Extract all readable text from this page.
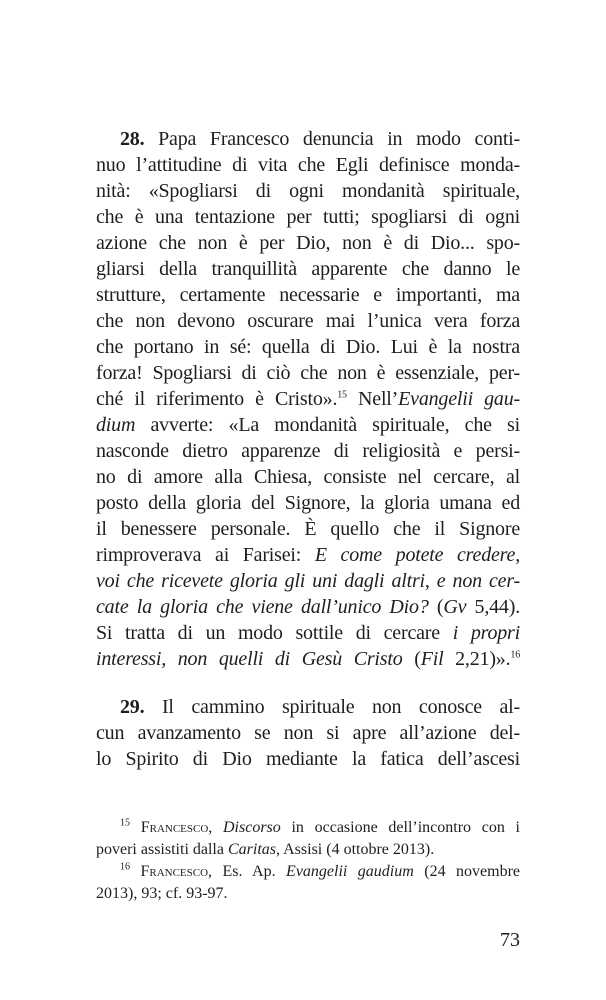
28. Papa Francesco denuncia in modo conti-
nuo l’attitudine di vita che Egli definisce monda-
nità: «Spogliarsi di ogni mondanità spirituale,
che è una tentazione per tutti; spogliarsi di ogni
azione che non è per Dio, non è di Dio... spo-
gliarsi della tranquillità apparente che danno le
strutture, certamente necessarie e importanti, ma
che non devono oscurare mai l’unica vera forza
che portano in sé: quella di Dio. Lui è la nostra
forza! Spogliarsi di ciò che non è essenziale, per-
ché il riferimento è Cristo».$^{15}$ Nell’Evangelii gau-
dium avverte: «La mondanità spirituale, che si
nasconde dietro apparenze di religiosità e persi-
no di amore alla Chiesa, consiste nel cercare, al
posto della gloria del Signore, la gloria umana ed
il benessere personale. È quello che il Signore
rimproverava ai Farisei: E come potete credere,
voi che ricevete gloria gli uni dagli altri, e non cer-
cate la gloria che viene dall’unico Dio? (Gv 5,44).
Si tratta di un modo sottile di cercare i propri
interessi, non quelli di Gesù Cristo (Fil 2,21)».$^{16}$
29. Il cammino spirituale non conosce al-
cun avanzamento se non si apre all’azione del-
lo Spirito di Dio mediante la fatica dell’ascesi
$^{15}$ Francesco, Discorso in occasione dell’incontro con i
poveri assistiti dalla Caritas, Assisi (4 ottobre 2013).
$^{16}$ Francesco, Es. Ap. Evangelii gaudium (24 novembre
2013), 93; cf. 93-97.
73
